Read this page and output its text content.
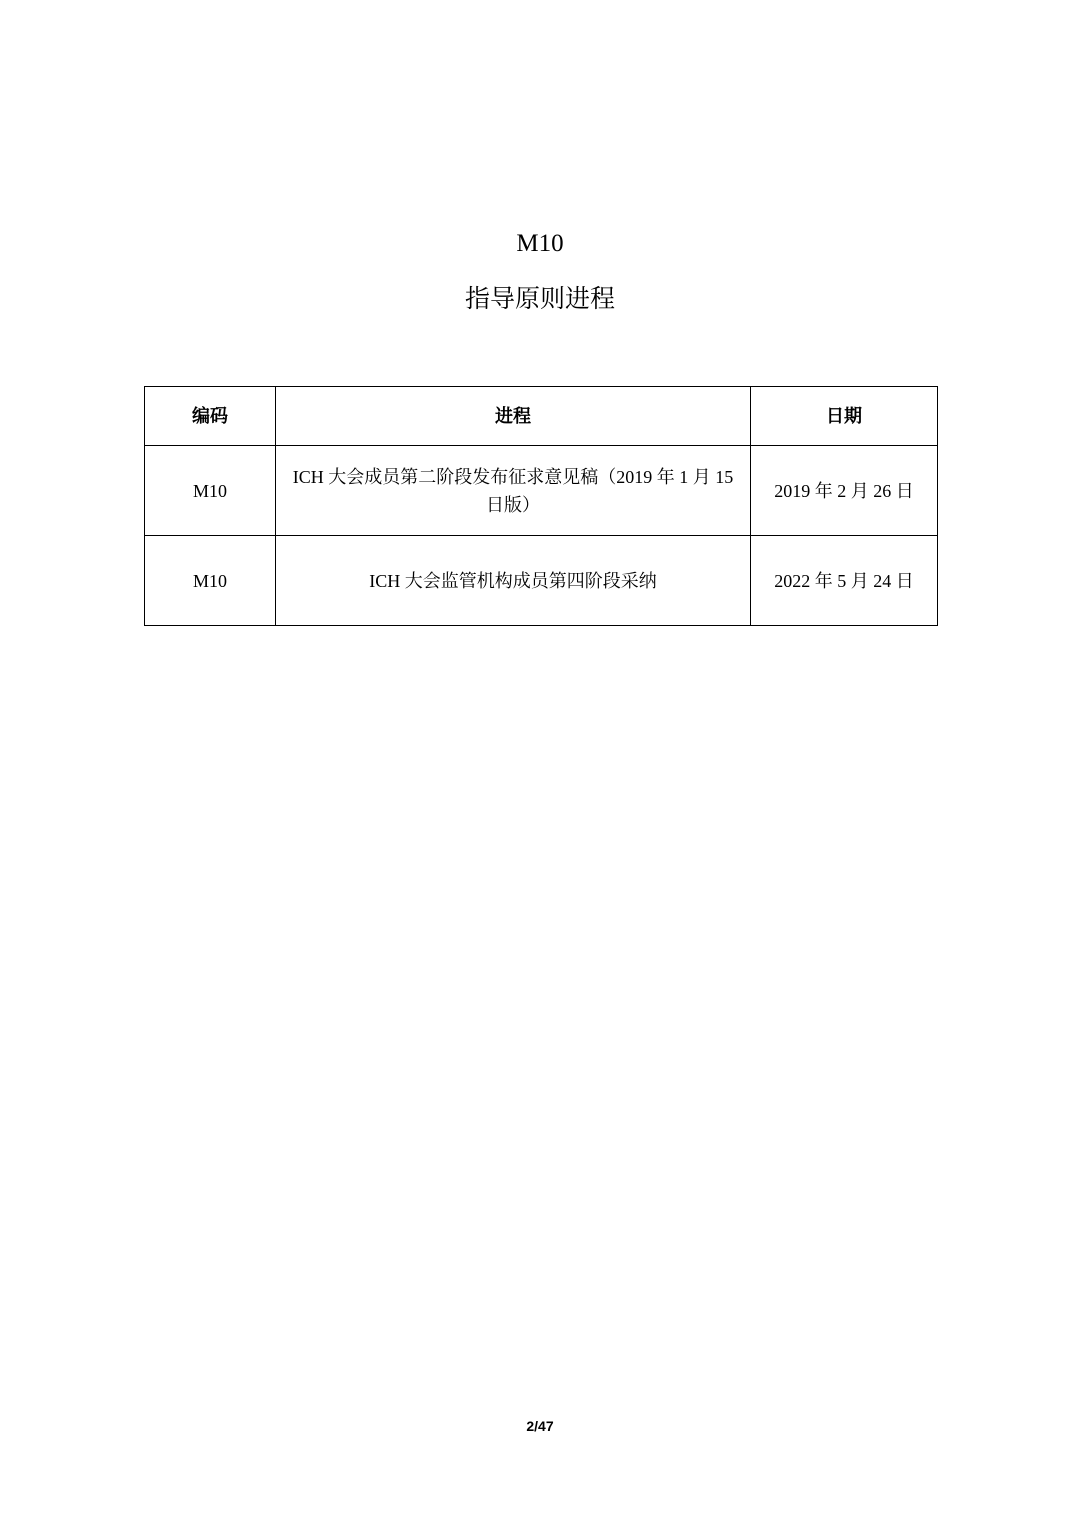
M10
指导原则进程
编码	进程	日期
M10	ICH 大会成员第二阶段发布征求意见稿（2019 年 1 月 15 日版）	2019 年 2 月 26 日
M10	ICH 大会监管机构成员第四阶段采纳	2022 年 5 月 24 日
2/47
